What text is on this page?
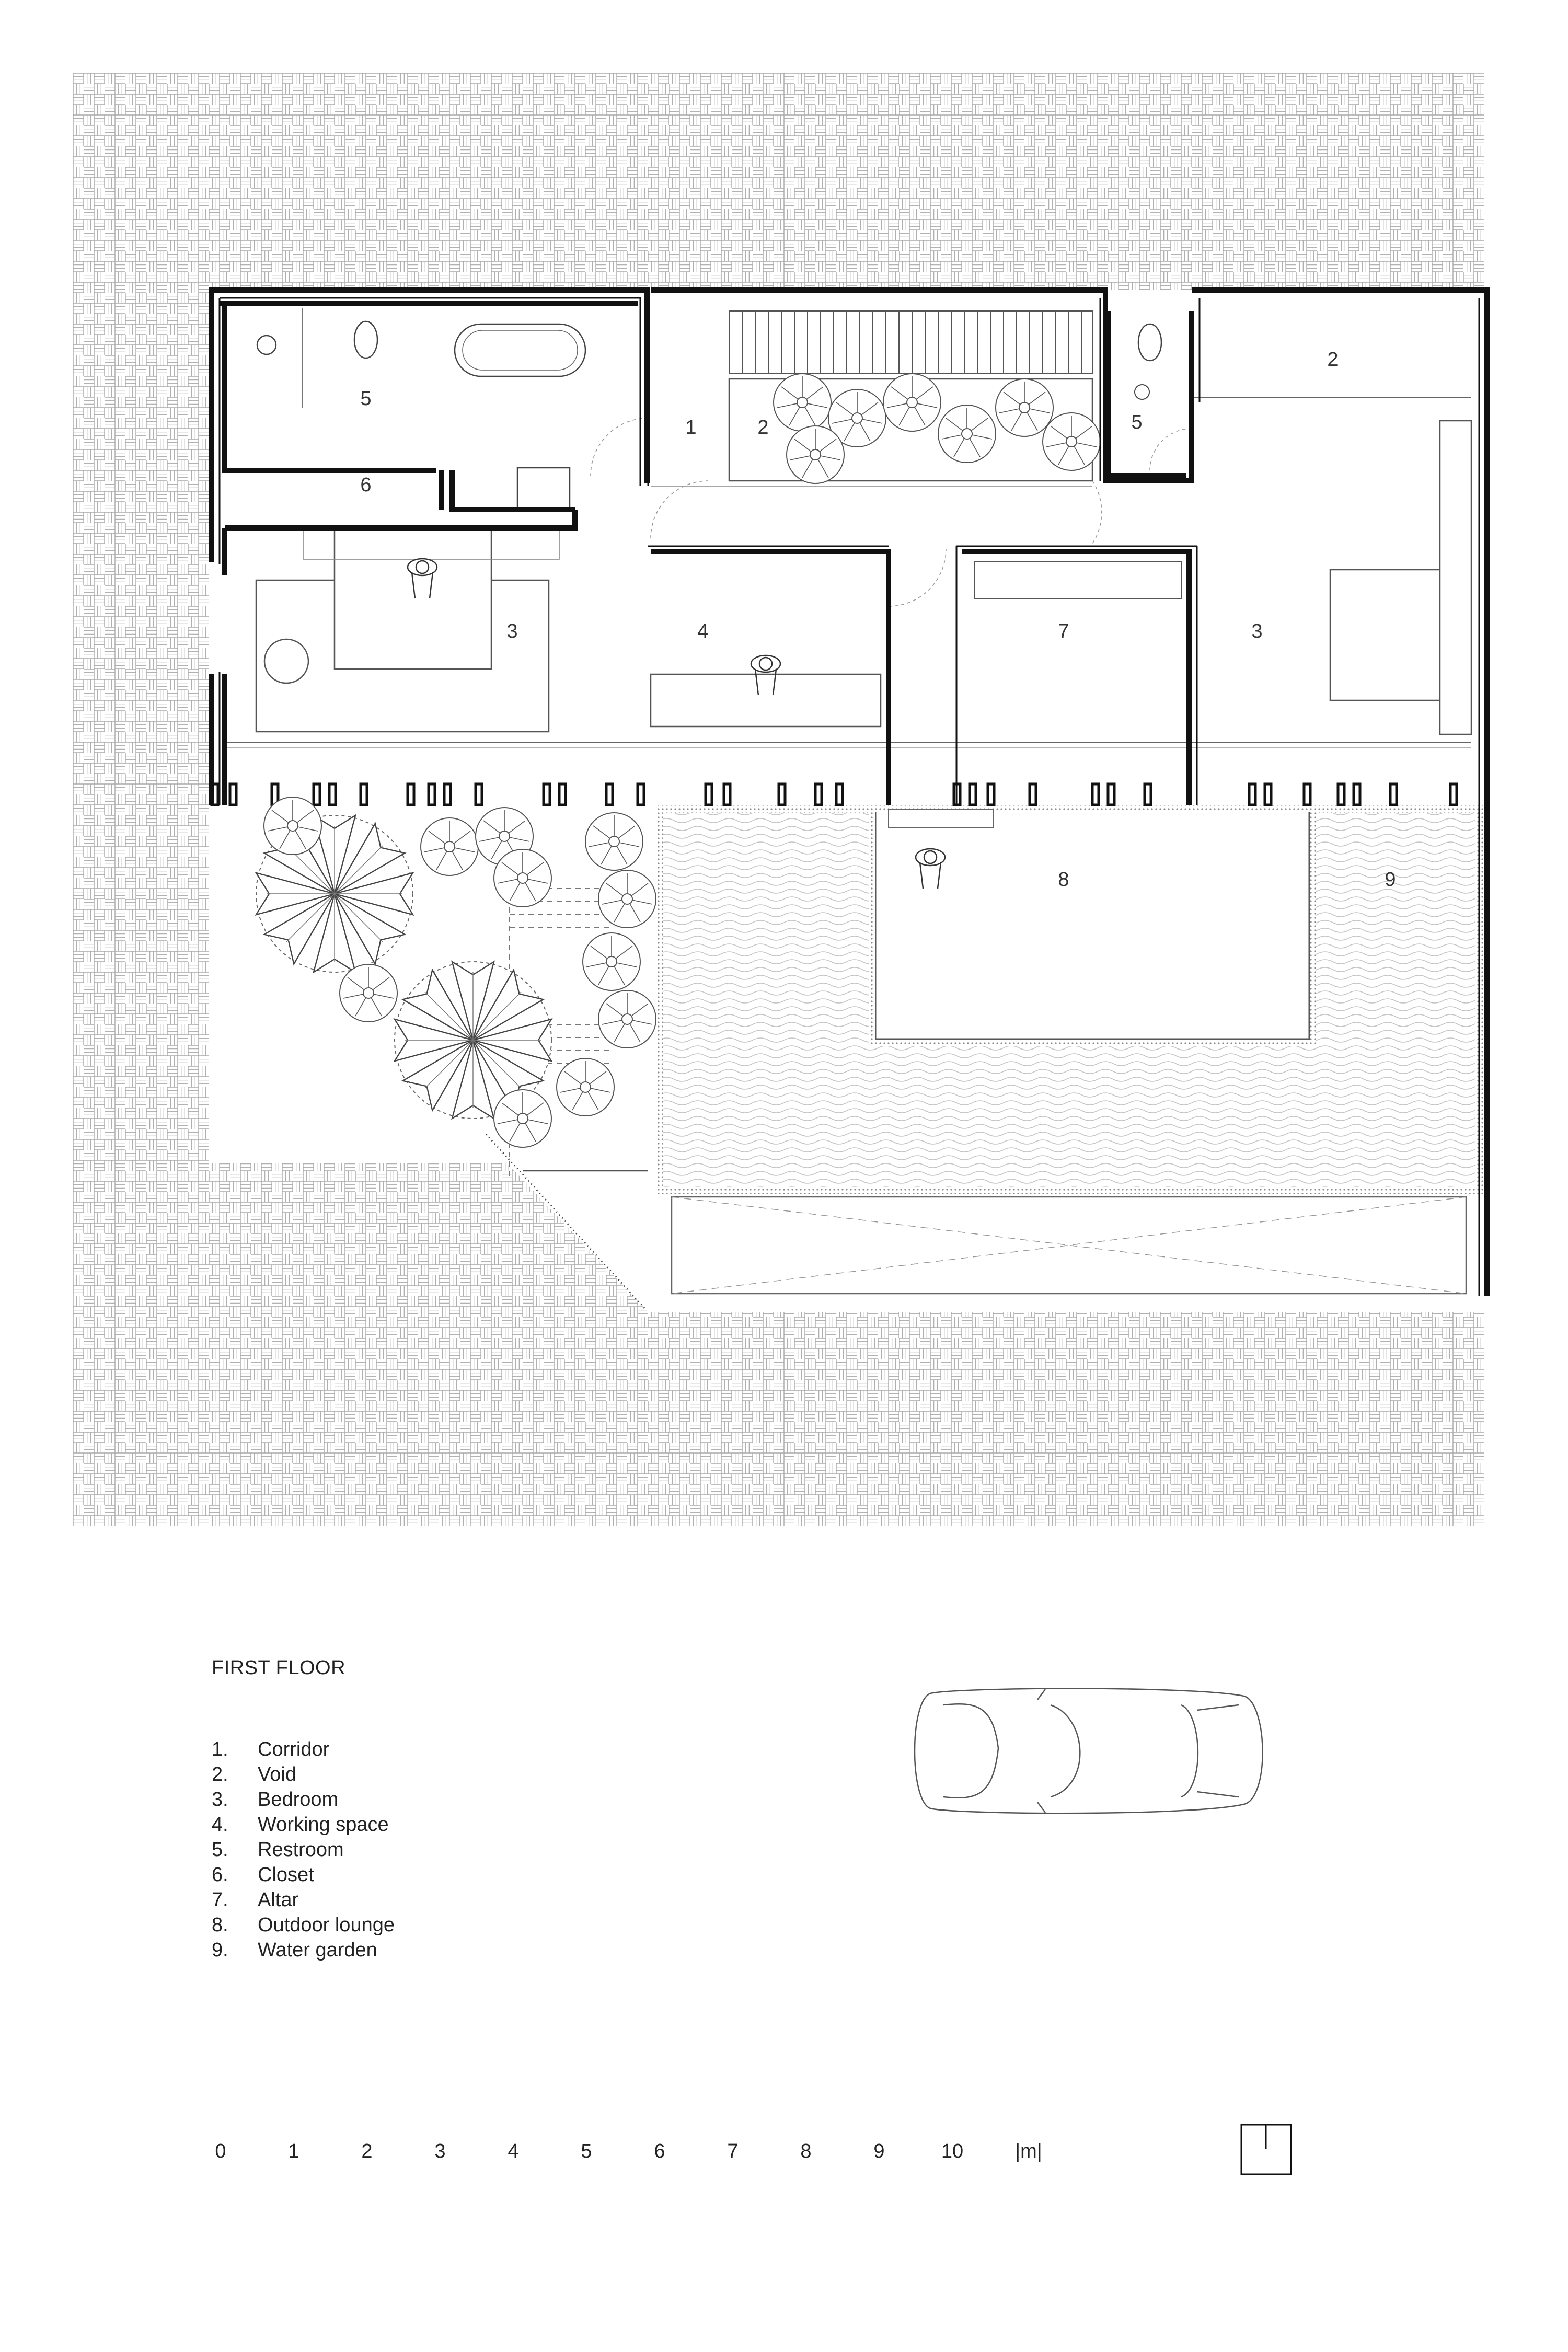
5
6
1	2	5
2
3	4	7	3
8	9
FIRST FLOOR
1.	Corridor
2.	Void
3.	Bedroom
4.	Working space
5.	Restroom
6.	Closet
7.	Altar
8.	Outdoor lounge
9.	Water garden
0	1	2	3	4	5	6	7	8	9	10	|m|
